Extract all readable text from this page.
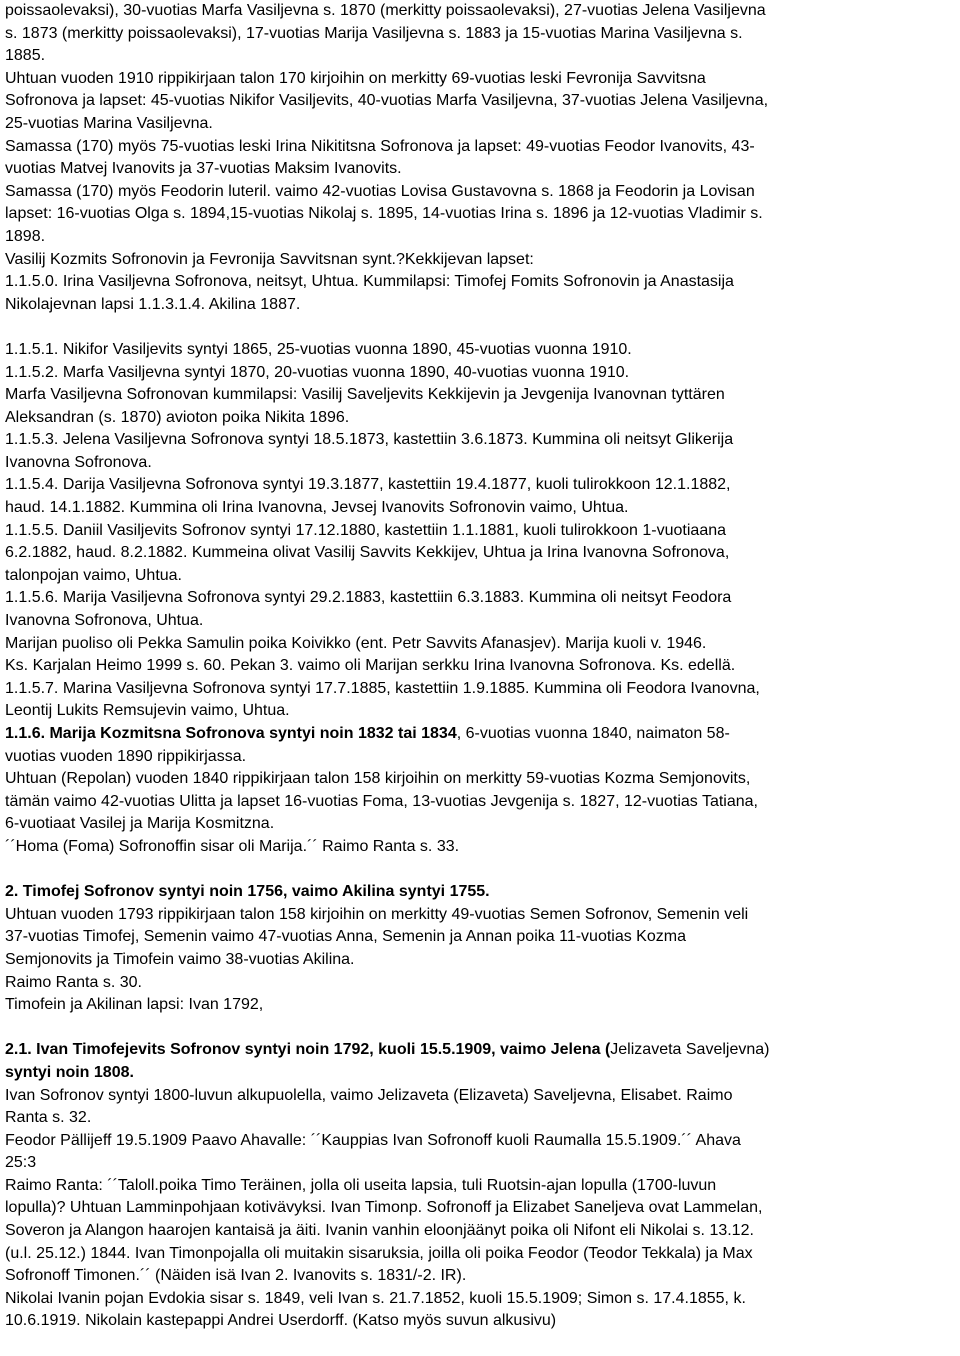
poissaolevaksi), 30-vuotias Marfa Vasiljevna s. 1870 (merkitty poissaolevaksi), 27-vuotias Jelena Vasiljevna
s. 1873 (merkitty poissaolevaksi), 17-vuotias Marija Vasiljevna s. 1883 ja 15-vuotias Marina Vasiljevna s.
1885.
Uhtuan vuoden 1910 rippikirjaan talon 170 kirjoihin on merkitty 69-vuotias leski Fevronija Savvitsna
Sofronova ja lapset: 45-vuotias Nikifor Vasiljevits, 40-vuotias Marfa Vasiljevna, 37-vuotias Jelena Vasiljevna,
25-vuotias Marina Vasiljevna.
Samassa (170) myös 75-vuotias leski Irina Nikititsna Sofronova ja lapset: 49-vuotias Feodor Ivanovits, 43-
vuotias Matvej Ivanovits ja 37-vuotias Maksim Ivanovits.
Samassa (170) myös Feodorin luteril. vaimo 42-vuotias Lovisa Gustavovna s. 1868 ja Feodorin ja Lovisan
lapset: 16-vuotias Olga s. 1894,15-vuotias Nikolaj s. 1895, 14-vuotias Irina s. 1896 ja 12-vuotias Vladimir s.
1898.
Vasilij Kozmits Sofronovin ja Fevronija Savvitsnan synt.?Kekkijevan lapset:
1.1.5.0. Irina Vasiljevna Sofronova, neitsyt, Uhtua. Kummilapsi: Timofej Fomits Sofronovin ja Anastasija
Nikolajevnan lapsi 1.1.3.1.4. Akilina 1887.
1.1.5.1. Nikifor Vasiljevits syntyi 1865, 25-vuotias vuonna 1890, 45-vuotias vuonna 1910.
1.1.5.2. Marfa Vasiljevna syntyi 1870, 20-vuotias vuonna 1890, 40-vuotias vuonna 1910.
Marfa Vasiljevna Sofronovan kummilapsi: Vasilij Saveljevits Kekkijevin ja Jevgenija Ivanovnan tyttären
Aleksandran (s. 1870) avioton poika Nikita 1896.
1.1.5.3. Jelena Vasiljevna Sofronova syntyi 18.5.1873, kastettiin 3.6.1873. Kummina oli neitsyt Glikerija
Ivanovna Sofronova.
1.1.5.4. Darija Vasiljevna Sofronova syntyi 19.3.1877, kastettiin 19.4.1877, kuoli tulirokkoon 12.1.1882,
haud. 14.1.1882. Kummina oli Irina Ivanovna, Jevsej Ivanovits Sofronovin vaimo, Uhtua.
1.1.5.5. Daniil Vasiljevits Sofronov syntyi 17.12.1880, kastettiin 1.1.1881, kuoli tulirokkoon 1-vuotiaana
6.2.1882, haud. 8.2.1882. Kummeina olivat Vasilij Savvits Kekkijev, Uhtua ja Irina Ivanovna Sofronova,
talonpojan vaimo, Uhtua.
1.1.5.6. Marija Vasiljevna Sofronova syntyi 29.2.1883, kastettiin 6.3.1883. Kummina oli neitsyt Feodora
Ivanovna Sofronova, Uhtua.
Marijan puoliso oli Pekka Samulin poika Koivikko (ent. Petr Savvits Afanasjev). Marija kuoli v. 1946.
Ks. Karjalan Heimo 1999 s. 60. Pekan 3. vaimo oli Marijan serkku Irina Ivanovna Sofronova. Ks. edellä.
1.1.5.7. Marina Vasiljevna Sofronova syntyi 17.7.1885, kastettiin 1.9.1885. Kummina oli Feodora Ivanovna,
Leontij Lukits Remsujevin vaimo, Uhtua.
1.1.6. Marija Kozmitsna Sofronova syntyi noin 1832 tai 1834, 6-vuotias vuonna 1840, naimaton 58-
vuotias vuoden 1890 rippikirjassa.
Uhtuan (Repolan) vuoden 1840 rippikirjaan talon 158 kirjoihin on merkitty 59-vuotias Kozma Semjonovits,
tämän vaimo 42-vuotias Ulitta ja lapset 16-vuotias Foma, 13-vuotias Jevgenija s. 1827, 12-vuotias Tatiana,
6-vuotiaat Vasilej ja Marija Kosmitzna.
´´Homa (Foma) Sofronoffin sisar oli Marija.´´ Raimo Ranta s. 33.
2. Timofej Sofronov syntyi noin 1756, vaimo Akilina syntyi 1755.
Uhtuan vuoden 1793 rippikirjaan talon 158 kirjoihin on merkitty 49-vuotias Semen Sofronov, Semenin veli
37-vuotias Timofej, Semenin vaimo 47-vuotias Anna, Semenin ja Annan poika 11-vuotias Kozma
Semjonovits ja Timofein vaimo 38-vuotias Akilina.
Raimo Ranta s. 30.
Timofein ja Akilinan lapsi: Ivan 1792,
2.1. Ivan Timofejevits Sofronov syntyi noin 1792, kuoli 15.5.1909, vaimo Jelena (Jelizaveta Saveljevna)
syntyi noin 1808.
Ivan Sofronov syntyi 1800-luvun alkupuolella, vaimo Jelizaveta (Elizaveta) Saveljevna, Elisabet. Raimo
Ranta s. 32.
Feodor Pällijeff 19.5.1909 Paavo Ahavalle: ´´Kauppias Ivan Sofronoff kuoli Raumalla 15.5.1909.´´ Ahava
25:3
Raimo Ranta: ´´Taloll.poika Timo Teräinen, jolla oli useita lapsia, tuli Ruotsin-ajan lopulla (1700-luvun
lopulla)? Uhtuan Lamminpohjaan kotivävyksi. Ivan Timonp. Sofronoff ja Elizabet Saneljeva ovat Lammelan,
Soveron ja Alangon haarojen kantaisä ja äiti. Ivanin vanhin eloonjäänyt poika oli Nifont eli Nikolai s. 13.12.
(u.l. 25.12.) 1844. Ivan Timonpojalla oli muitakin sisaruksia, joilla oli poika Feodor (Teodor Tekkala) ja Max
Sofronoff Timonen.´´ (Näiden isä Ivan 2. Ivanovits s. 1831/-2. IR).
Nikolai Ivanin pojan Evdokia sisar s. 1849, veli Ivan s. 21.7.1852, kuoli 15.5.1909; Simon s. 17.4.1855, k.
10.6.1919. Nikolain kastepappi Andrei Userdorff. (Katso myös suvun alkusivu)
